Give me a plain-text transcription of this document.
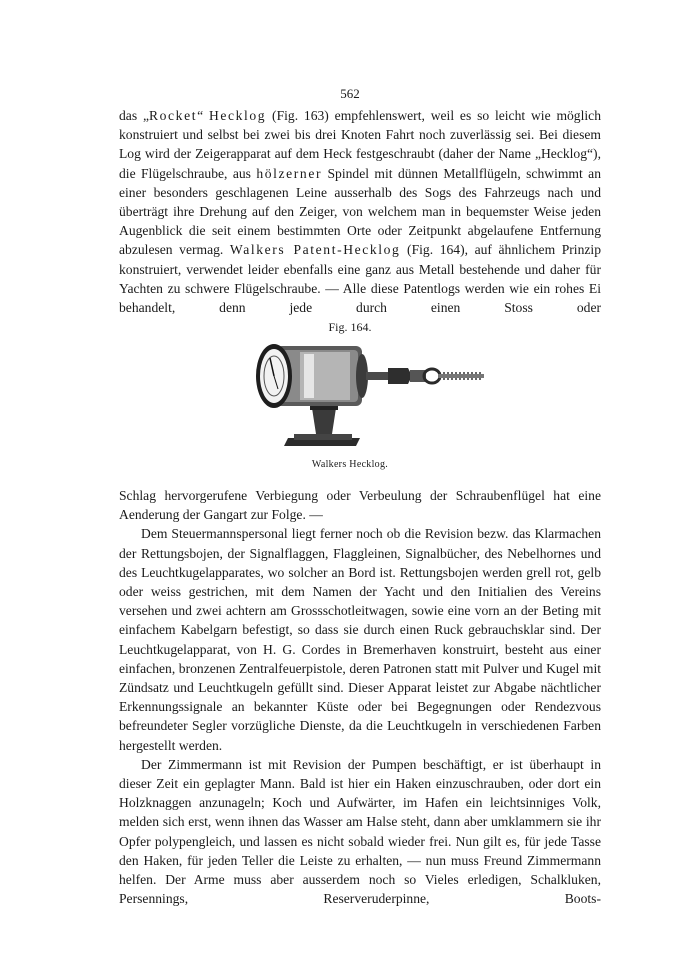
562

das „Rocket“ Hecklog (Fig. 163) empfehlenswert, weil es so leicht wie möglich konstruiert und selbst bei zwei bis drei Knoten Fahrt noch zuverlässig sei. Bei diesem Log wird der Zeigerapparat auf dem Heck festgeschraubt (daher der Name „Hecklog“), die Flügelschraube, aus hölzerner Spindel mit dünnen Metallflügeln, schwimmt an einer besonders geschlagenen Leine ausserhalb des Sogs des Fahrzeugs nach und überträgt ihre Drehung auf den Zeiger, von welchem man in bequemster Weise jeden Augenblick die seit einem bestimmten Orte oder Zeitpunkt abgelaufene Entfernung abzulesen vermag. Walkers Patent-Hecklog (Fig. 164), auf ähnlichem Prinzip konstruiert, verwendet leider ebenfalls eine ganz aus Metall bestehende und daher für Yachten zu schwere Flügelschraube. — Alle diese Patentlogs werden wie ein rohes Ei behandelt, denn jede durch einen Stoss oder

Fig. 164.
Walkers Hecklog.

Schlag hervorgerufene Verbiegung oder Verbeulung der Schraubenflügel hat eine Aenderung der Gangart zur Folge. —

Dem Steuermannspersonal liegt ferner noch ob die Revision bezw. das Klarmachen der Rettungsbojen, der Signalflaggen, Flaggleinen, Signalbücher, des Nebelhornes und des Leuchtkugelapparates, wo solcher an Bord ist. Rettungsbojen werden grell rot, gelb oder weiss gestrichen, mit dem Namen der Yacht und den Initialien des Vereins versehen und zwei achtern am Grossschotleitwagen, sowie eine vorn an der Beting mit einfachem Kabelgarn befestigt, so dass sie durch einen Ruck gebrauchsklar sind. Der Leuchtkugelapparat, von H. G. Cordes in Bremerhaven konstruirt, besteht aus einer einfachen, bronzenen Zentralfeuerpistole, deren Patronen statt mit Pulver und Kugel mit Zündsatz und Leuchtkugeln gefüllt sind. Dieser Apparat leistet zur Abgabe nächtlicher Erkennungssignale an bekannter Küste oder bei Begegnungen oder Rendezvous befreundeter Segler vorzügliche Dienste, da die Leuchtkugeln in verschiedenen Farben hergestellt werden.

Der Zimmermann ist mit Revision der Pumpen beschäftigt, er ist überhaupt in dieser Zeit ein geplagter Mann. Bald ist hier ein Haken einzuschrauben, oder dort ein Holzknaggen anzunageln; Koch und Aufwärter, im Hafen ein leichtsinniges Volk, melden sich erst, wenn ihnen das Wasser am Halse steht, dann aber umklammern sie ihr Opfer polypengleich, und lassen es nicht sobald wieder frei. Nun gilt es, für jede Tasse den Haken, für jeden Teller die Leiste zu erhalten, — nun muss Freund Zimmermann helfen. Der Arme muss aber ausserdem noch so Vieles erledigen, Schalkluken, Persennings, Reserveruderpinne, Boots-
